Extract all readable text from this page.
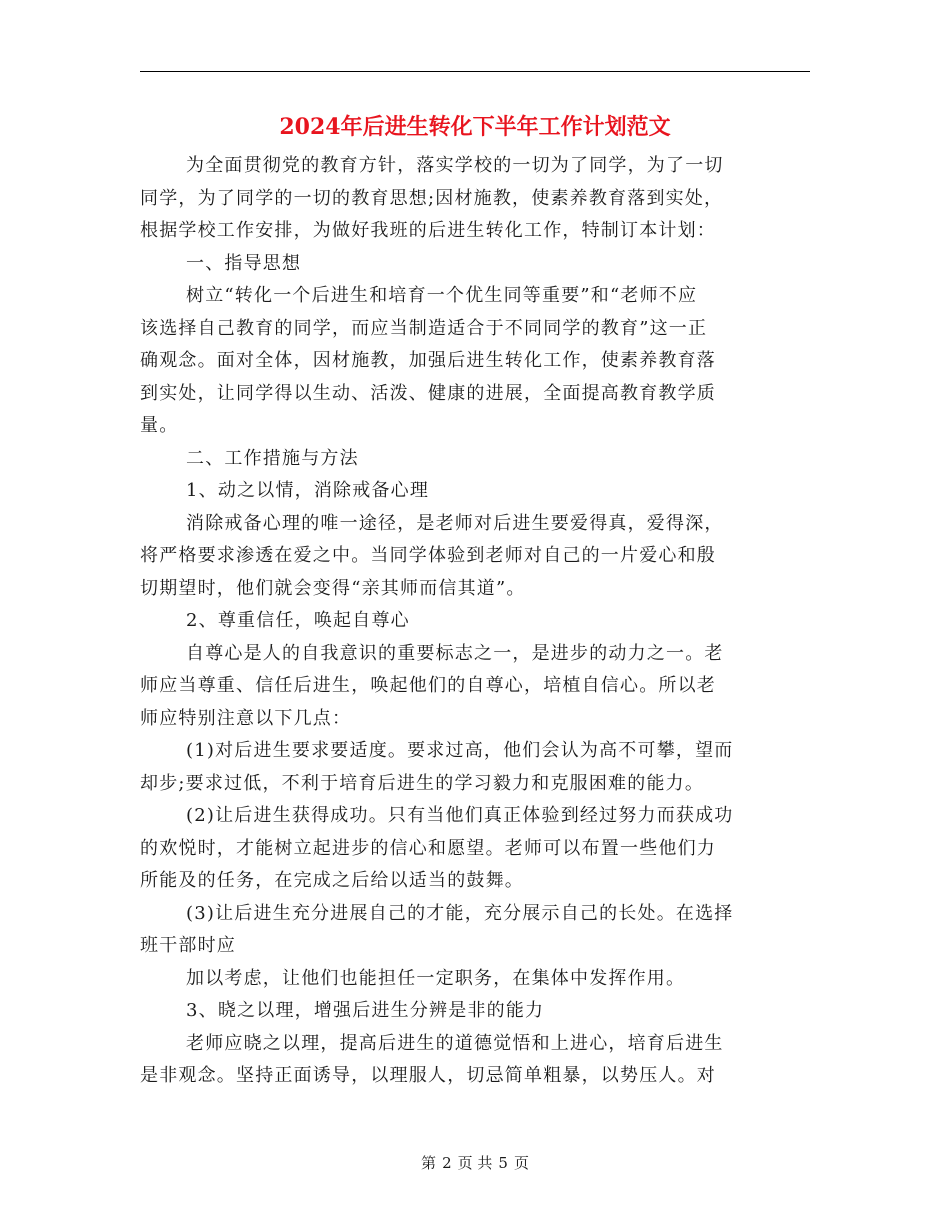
2024年后进生转化下半年工作计划范文
为全面贯彻党的教育方针，落实学校的一切为了同学，为了一切
同学，为了同学的一切的教育思想;因材施教，使素养教育落到实处，
根据学校工作安排，为做好我班的后进生转化工作，特制订本计划：
一、指导思想
树立“转化一个后进生和培育一个优生同等重要”和“老师不应
该选择自己教育的同学，而应当制造适合于不同同学的教育”这一正
确观念。面对全体，因材施教，加强后进生转化工作，使素养教育落
到实处，让同学得以生动、活泼、健康的进展，全面提高教育教学质
量。
二、工作措施与方法
1、动之以情，消除戒备心理
消除戒备心理的唯一途径，是老师对后进生要爱得真，爱得深，
将严格要求渗透在爱之中。当同学体验到老师对自己的一片爱心和殷
切期望时，他们就会变得“亲其师而信其道”。
2、尊重信任，唤起自尊心
自尊心是人的自我意识的重要标志之一，是进步的动力之一。老
师应当尊重、信任后进生，唤起他们的自尊心，培植自信心。所以老
师应特别注意以下几点：
(1)对后进生要求要适度。要求过高，他们会认为高不可攀，望而
却步;要求过低，不利于培育后进生的学习毅力和克服困难的能力。
(2)让后进生获得成功。只有当他们真正体验到经过努力而获成功
的欢悦时，才能树立起进步的信心和愿望。老师可以布置一些他们力
所能及的任务，在完成之后给以适当的鼓舞。
(3)让后进生充分进展自己的才能，充分展示自己的长处。在选择
班干部时应
加以考虑，让他们也能担任一定职务，在集体中发挥作用。
3、晓之以理，增强后进生分辨是非的能力
老师应晓之以理，提高后进生的道德觉悟和上进心，培育后进生
是非观念。坚持正面诱导，以理服人，切忌简单粗暴，以势压人。对
第 2 页 共 5 页
